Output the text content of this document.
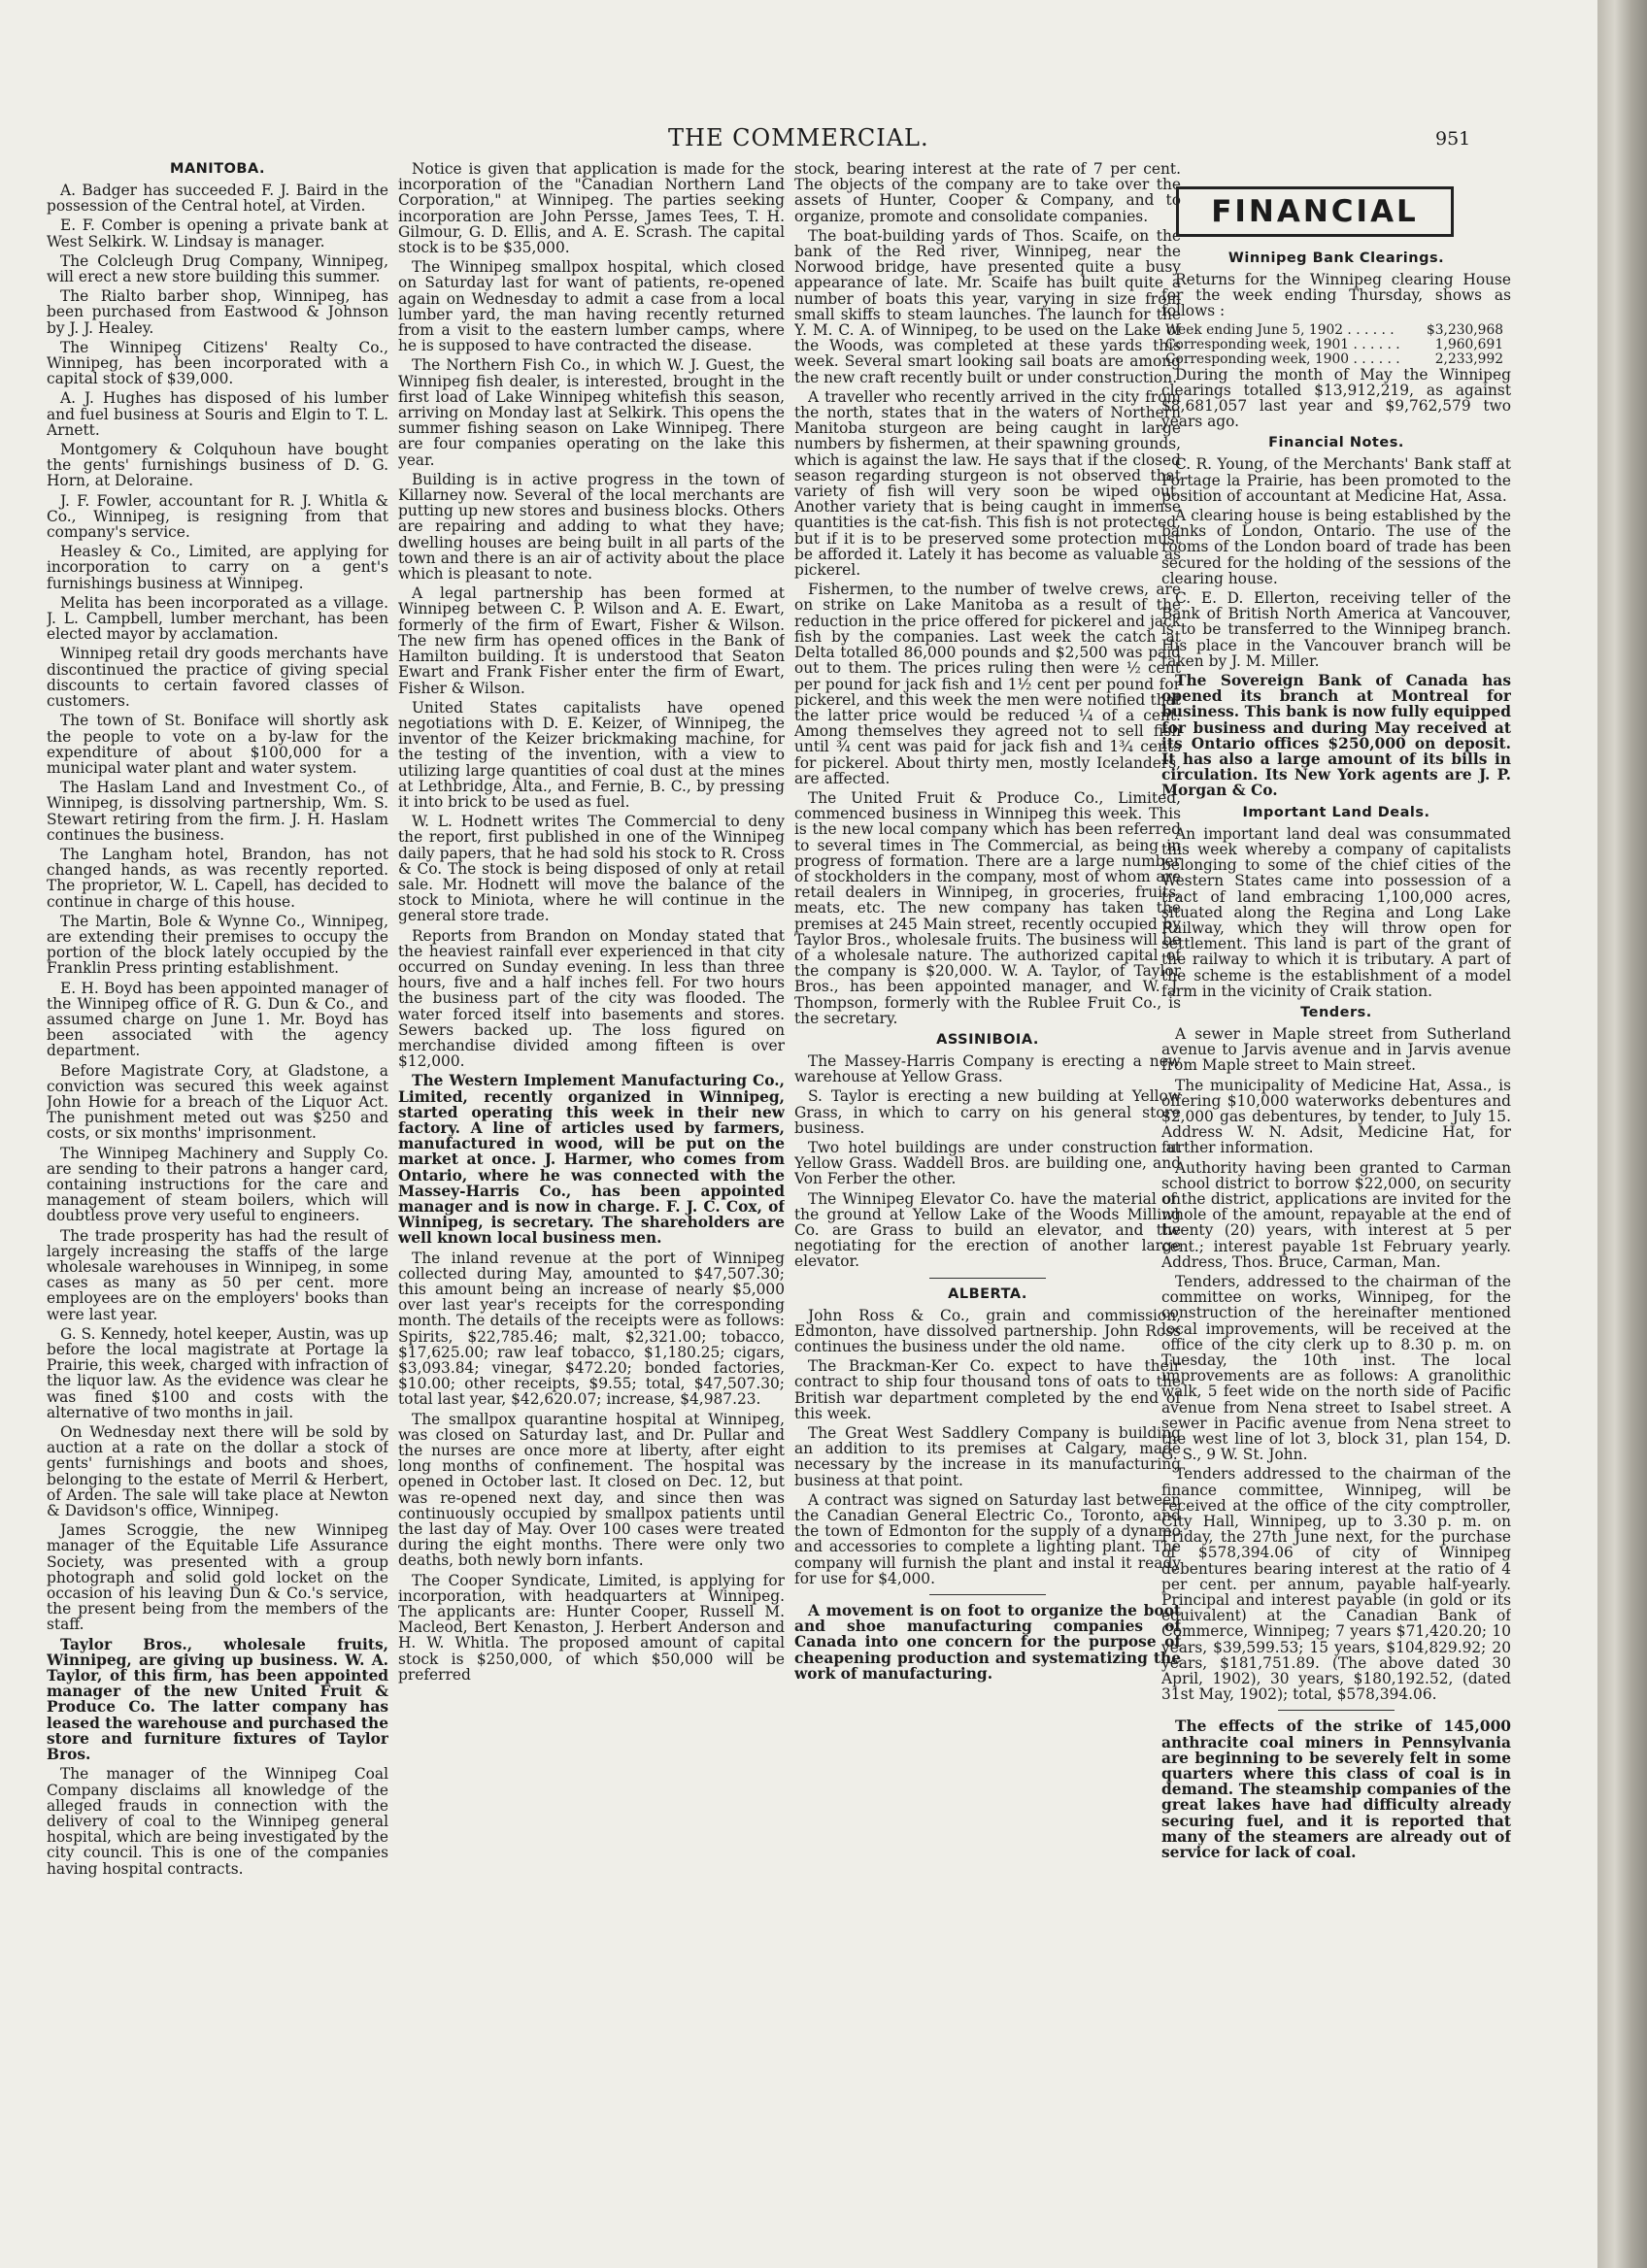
THE COMMERCIAL.	951
MANITOBA.

A. Badger has succeeded F. J. Baird in the possession of the Central hotel, at Virden.

E. F. Comber is opening a private bank at West Selkirk. W. Lindsay is manager.

The Colcleugh Drug Company, Winnipeg, will erect a new store building this summer.

The Rialto barber shop, Winnipeg, has been purchased from Eastwood & Johnson by J. J. Healey.

The Winnipeg Citizens' Realty Co., Winnipeg, has been incorporated with a capital stock of $39,000.

A. J. Hughes has disposed of his lumber and fuel business at Souris and Elgin to T. L. Arnett.

Montgomery & Colquhoun have bought the gents' furnishings business of D. G. Horn, at Deloraine.

J. F. Fowler, accountant for R. J. Whitla & Co., Winnipeg, is resigning from that company's service.

Heasley & Co., Limited, are applying for incorporation to carry on a gent's furnishings business at Winnipeg.

Melita has been incorporated as a village. J. L. Campbell, lumber merchant, has been elected mayor by acclamation.

Winnipeg retail dry goods merchants have discontinued the practice of giving special discounts to certain favored classes of customers.

The town of St. Boniface will shortly ask the people to vote on a by-law for the expenditure of about $100,000 for a municipal water plant and water system.

The Haslam Land and Investment Co., of Winnipeg, is dissolving partnership, Wm. S. Stewart retiring from the firm. J. H. Haslam continues the business.

The Langham hotel, Brandon, has not changed hands, as was recently reported. The proprietor, W. L. Capell, has decided to continue in charge of this house.

The Martin, Bole & Wynne Co., Winnipeg, are extending their premises to occupy the portion of the block lately occupied by the Franklin Press printing establishment.

E. H. Boyd has been appointed manager of the Winnipeg office of R. G. Dun & Co., and assumed charge on June 1. Mr. Boyd has been associated with the agency department.

Before Magistrate Cory, at Gladstone, a conviction was secured this week against John Howie for a breach of the Liquor Act. The punishment meted out was $250 and costs, or six months' imprisonment.

The Winnipeg Machinery and Supply Co. are sending to their patrons a hanger card, containing instructions for the care and management of steam boilers, which will doubtless prove very useful to engineers.

The trade prosperity has had the result of largely increasing the staffs of the large wholesale warehouses in Winnipeg, in some cases as many as 50 per cent. more employees are on the employers' books than were last year.

G. S. Kennedy, hotel keeper, Austin, was up before the local magistrate at Portage la Prairie, this week, charged with infraction of the liquor law. As the evidence was clear he was fined $100 and costs with the alternative of two months in jail.

On Wednesday next there will be sold by auction at a rate on the dollar a stock of gents' furnishings and boots and shoes, belonging to the estate of Merril & Herbert, of Arden. The sale will take place at Newton & Davidson's office, Winnipeg.

James Scroggie, the new Winnipeg manager of the Equitable Life Assurance Society, was presented with a group photograph and solid gold locket on the occasion of his leaving Dun & Co.'s service, the present being from the members of the staff.

Taylor Bros., wholesale fruits, Winnipeg, are giving up business. W. A. Taylor, of this firm, has been appointed manager of the new United Fruit & Produce Co. The latter company has leased the warehouse and purchased the store and furniture fixtures of Taylor Bros.

The manager of the Winnipeg Coal Company disclaims all knowledge of the alleged frauds in connection with the delivery of coal to the Winnipeg general hospital, which are being investigated by the city council. This is one of the companies having hospital contracts.

Notice is given that application is made for the incorporation of the "Canadian Northern Land Corporation," at Winnipeg. The parties seeking incorporation are John Persse, James Tees, T. H. Gilmour, G. D. Ellis, and A. E. Scrash. The capital stock is to be $35,000.

The Winnipeg smallpox hospital, which closed on Saturday last for want of patients, re-opened again on Wednesday to admit a case from a local lumber yard, the man having recently returned from a visit to the eastern lumber camps, where he is supposed to have contracted the disease.

The Northern Fish Co., in which W. J. Guest, the Winnipeg fish dealer, is interested, brought in the first load of Lake Winnipeg whitefish this season, arriving on Monday last at Selkirk. This opens the summer fishing season on Lake Winnipeg. There are four companies operating on the lake this year.

Building is in active progress in the town of Killarney now. Several of the local merchants are putting up new stores and business blocks. Others are repairing and adding to what they have; dwelling houses are being built in all parts of the town and there is an air of activity about the place which is pleasant to note.

A legal partnership has been formed at Winnipeg between C. P. Wilson and A. E. Ewart, formerly of the firm of Ewart, Fisher & Wilson. The new firm has opened offices in the Bank of Hamilton building. It is understood that Seaton Ewart and Frank Fisher enter the firm of Ewart, Fisher & Wilson.

United States capitalists have opened negotiations with D. E. Keizer, of Winnipeg, the inventor of the Keizer brickmaking machine, for the testing of the invention, with a view to utilizing large quantities of coal dust at the mines at Lethbridge, Alta., and Fernie, B. C., by pressing it into brick to be used as fuel.

W. L. Hodnett writes The Commercial to deny the report, first published in one of the Winnipeg daily papers, that he had sold his stock to R. Cross & Co. The stock is being disposed of only at retail sale. Mr. Hodnett will move the balance of the stock to Miniota, where he will continue in the general store trade.

Reports from Brandon on Monday stated that the heaviest rainfall ever experienced in that city occurred on Sunday evening. In less than three hours, five and a half inches fell. For two hours the business part of the city was flooded. The water forced itself into basements and stores. Sewers backed up. The loss figured on merchandise divided among fifteen is over $12,000.

The Western Implement Manufacturing Co., Limited, recently organized in Winnipeg, started operating this week in their new factory. A line of articles used by farmers, manufactured in wood, will be put on the market at once. J. Harmer, who comes from Ontario, where he was connected with the Massey-Harris Co., has been appointed manager and is now in charge. F. J. C. Cox, of Winnipeg, is secretary. The shareholders are well known local business men.

The inland revenue at the port of Winnipeg collected during May, amounted to $47,507.30; this amount being an increase of nearly $5,000 over last year's receipts for the corresponding month. The details of the receipts were as follows: Spirits, $22,785.46; malt, $2,321.00; tobacco, $17,625.00; raw leaf tobacco, $1,180.25; cigars, $3,093.84; vinegar, $472.20; bonded factories, $10.00; other receipts, $9.55; total, $47,507.30; total last year, $42,620.07; increase, $4,987.23.

The smallpox quarantine hospital at Winnipeg, was closed on Saturday last, and Dr. Pullar and the nurses are once more at liberty, after eight long months of confinement. The hospital was opened in October last. It closed on Dec. 12, but was re-opened next day, and since then was continuously occupied by smallpox patients until the last day of May. Over 100 cases were treated during the eight months. There were only two deaths, both newly born infants.

The Cooper Syndicate, Limited, is applying for incorporation, with headquarters at Winnipeg. The applicants are: Hunter Cooper, Russell M. Macleod, Bert Kenaston, J. Herbert Anderson and H. W. Whitla. The proposed amount of capital stock is $250,000, of which $50,000 will be preferred

stock, bearing interest at the rate of 7 per cent. The objects of the company are to take over the assets of Hunter, Cooper & Company, and to organize, promote and consolidate companies.

The boat-building yards of Thos. Scaife, on the bank of the Red river, Winnipeg, near the Norwood bridge, have presented quite a busy appearance of late. Mr. Scaife has built quite a number of boats this year, varying in size from small skiffs to steam launches. The launch for the Y. M. C. A. of Winnipeg, to be used on the Lake of the Woods, was completed at these yards this week. Several smart looking sail boats are among the new craft recently built or under construction.

A traveller who recently arrived in the city from the north, states that in the waters of Northern Manitoba sturgeon are being caught in large numbers by fishermen, at their spawning grounds, which is against the law. He says that if the closed season regarding sturgeon is not observed that variety of fish will very soon be wiped out. Another variety that is being caught in immense quantities is the cat-fish. This fish is not protected, but if it is to be preserved some protection must be afforded it. Lately it has become as valuable as pickerel.

Fishermen, to the number of twelve crews, are on strike on Lake Manitoba as a result of the reduction in the price offered for pickerel and jack fish by the companies. Last week the catch at Delta totalled 86,000 pounds and $2,500 was paid out to them. The prices ruling then were ½ cent per pound for jack fish and 1½ cent per pound for pickerel, and this week the men were notified that the latter price would be reduced ¼ of a cent. Among themselves they agreed not to sell fish until ¾ cent was paid for jack fish and 1¾ cents for pickerel. About thirty men, mostly Icelanders, are affected.

The United Fruit & Produce Co., Limited, commenced business in Winnipeg this week. This is the new local company which has been referred to several times in The Commercial, as being in progress of formation. There are a large number of stockholders in the company, most of whom are retail dealers in Winnipeg, in groceries, fruits, meats, etc. The new company has taken the premises at 245 Main street, recently occupied by Taylor Bros., wholesale fruits. The business will be of a wholesale nature. The authorized capital of the company is $20,000. W. A. Taylor, of Taylor Bros., has been appointed manager, and W. J. Thompson, formerly with the Rublee Fruit Co., is the secretary.

ASSINIBOIA.

The Massey-Harris Company is erecting a new warehouse at Yellow Grass.

S. Taylor is erecting a new building at Yellow Grass, in which to carry on his general store business.

Two hotel buildings are under construction at Yellow Grass. Waddell Bros. are building one, and Von Ferber the other.

The Winnipeg Elevator Co. have the material on the ground at Yellow Lake of the Woods Milling Co. are Grass to build an elevator, and the negotiating for the erection of another large elevator.

ALBERTA.

John Ross & Co., grain and commission, Edmonton, have dissolved partnership. John Ross continues the business under the old name.

The Brackman-Ker Co. expect to have their contract to ship four thousand tons of oats to the British war department completed by the end of this week.

The Great West Saddlery Company is building an addition to its premises at Calgary, made necessary by the increase in its manufacturing business at that point.

A contract was signed on Saturday last between the Canadian General Electric Co., Toronto, and the town of Edmonton for the supply of a dynamo and accessories to complete a lighting plant. The company will furnish the plant and instal it ready for use for $4,000.

A movement is on foot to organize the boot and shoe manufacturing companies of Canada into one concern for the purpose of cheapening production and systematizing the work of manufacturing.

FINANCIAL
Winnipeg Bank Clearings.

Returns for the Winnipeg clearing House for the week ending Thursday, shows as follows :

Week ending June 5, 1902 . . . . . . $3,230,968
Corresponding week, 1901 . . . . . .	1,960,691
Corresponding week, 1900 . . . . . .	2,233,992

During the month of May the Winnipeg clearings totalled $13,912,219, as against $8,681,057 last year and $9,762,579 two years ago.

Financial Notes.

C. R. Young, of the Merchants' Bank staff at Portage la Prairie, has been promoted to the position of accountant at Medicine Hat, Assa.

A clearing house is being established by the banks of London, Ontario. The use of the rooms of the London board of trade has been secured for the holding of the sessions of the clearing house.

C. E. D. Ellerton, receiving teller of the Bank of British North America at Vancouver, is to be transferred to the Winnipeg branch. His place in the Vancouver branch will be taken by J. M. Miller.

The Sovereign Bank of Canada has opened its branch at Montreal for business. This bank is now fully equipped for business and during May received at its Ontario offices $250,000 on deposit. It has also a large amount of its bills in circulation. Its New York agents are J. P. Morgan & Co.

Important Land Deals.

An important land deal was consummated this week whereby a company of capitalists belonging to some of the chief cities of the Western States came into possession of a tract of land embracing 1,100,000 acres, situated along the Regina and Long Lake Railway, which they will throw open for settlement. This land is part of the grant of the railway to which it is tributary. A part of the scheme is the establishment of a model farm in the vicinity of Craik station.

Tenders.

A sewer in Maple street from Sutherland avenue to Jarvis avenue and in Jarvis avenue from Maple street to Main street.

The municipality of Medicine Hat, Assa., is offering $10,000 waterworks debentures and $2,000 gas debentures, by tender, to July 15. Address W. N. Adsit, Medicine Hat, for further information.

Authority having been granted to Carman school district to borrow $22,000, on security of the district, applications are invited for the whole of the amount, repayable at the end of twenty (20) years, with interest at 5 per cent.; interest payable 1st February yearly. Address, Thos. Bruce, Carman, Man.

Tenders, addressed to the chairman of the committee on works, Winnipeg, for the construction of the hereinafter mentioned local improvements, will be received at the office of the city clerk up to 8.30 p. m. on Tuesday, the 10th inst. The local improvements are as follows: A granolithic walk, 5 feet wide on the north side of Pacific avenue from Nena street to Isabel street. A sewer in Pacific avenue from Nena street to the west line of lot 3, block 31, plan 154, D. G. S., 9 W. St. John.

Tenders addressed to the chairman of the finance committee, Winnipeg, will be received at the office of the city comptroller, City Hall, Winnipeg, up to 3.30 p. m. on Friday, the 27th June next, for the purchase of $578,394.06 of city of Winnipeg debentures bearing interest at the ratio of 4 per cent. per annum, payable half-yearly. Principal and interest payable (in gold or its equivalent) at the Canadian Bank of Commerce, Winnipeg; 7 years $71,420.20; 10 years, $39,599.53; 15 years, $104,829.92; 20 years, $181,751.89. (The above dated 30 April, 1902), 30 years, $180,192.52, (dated 31st May, 1902); total, $578,394.06.

The effects of the strike of 145,000 anthracite coal miners in Pennsylvania are beginning to be severely felt in some quarters where this class of coal is in demand. The steamship companies of the great lakes have had difficulty already securing fuel, and it is reported that many of the steamers are already out of service for lack of coal.
